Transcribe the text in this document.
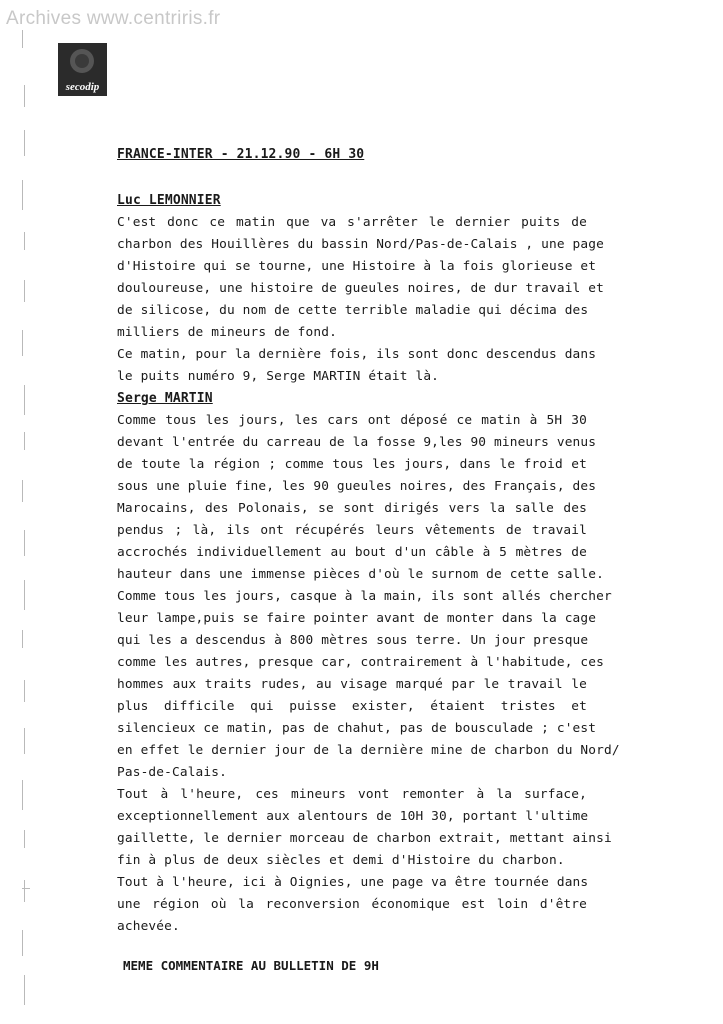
Archives www.centriris.fr
secodip
FRANCE-INTER - 21.12.90 - 6H 30
Luc LEMONNIER
C'est donc ce matin que va s'arrêter le dernier puits de
charbon des Houillères du bassin Nord/Pas-de-Calais , une page
d'Histoire qui se tourne, une Histoire à la fois glorieuse et
douloureuse, une histoire de gueules noires, de dur travail et
de silicose, du nom de cette terrible maladie qui décima des
milliers de mineurs de fond.
Ce matin, pour la dernière fois, ils sont donc descendus dans
le puits numéro 9, Serge MARTIN était là.
Serge MARTIN
Comme tous les jours, les cars ont déposé ce matin à 5H 30
devant l'entrée du carreau de la fosse 9,les 90 mineurs venus
de toute la région ; comme tous les jours, dans le froid et
sous une pluie fine, les 90 gueules noires, des Français, des
Marocains, des Polonais, se sont dirigés vers la salle des
pendus ; là, ils ont récupérés leurs vêtements de travail
accrochés individuellement au bout d'un câble à 5 mètres de
hauteur dans une immense pièces d'où le surnom de cette salle.
Comme tous les jours, casque à la main, ils sont allés chercher
leur lampe,puis se faire pointer avant de monter dans la cage
qui les a descendus à 800 mètres sous terre. Un jour presque
comme les autres, presque car, contrairement à l'habitude, ces
hommes aux traits rudes, au visage marqué par le travail le
plus difficile qui puisse exister, étaient tristes et
silencieux ce matin, pas de chahut, pas de bousculade ; c'est
en effet le dernier jour de la dernière mine de charbon du Nord/
Pas-de-Calais.
Tout à l'heure, ces mineurs vont remonter à la surface,
exceptionnellement aux alentours de 10H 30, portant l'ultime
gaillette, le dernier morceau de charbon extrait, mettant ainsi
fin à plus de deux siècles et demi d'Histoire du charbon.
Tout à l'heure, ici à Oignies, une page va être tournée dans
une région où la reconversion économique est loin d'être
achevée.
MEME COMMENTAIRE AU BULLETIN DE 9H
